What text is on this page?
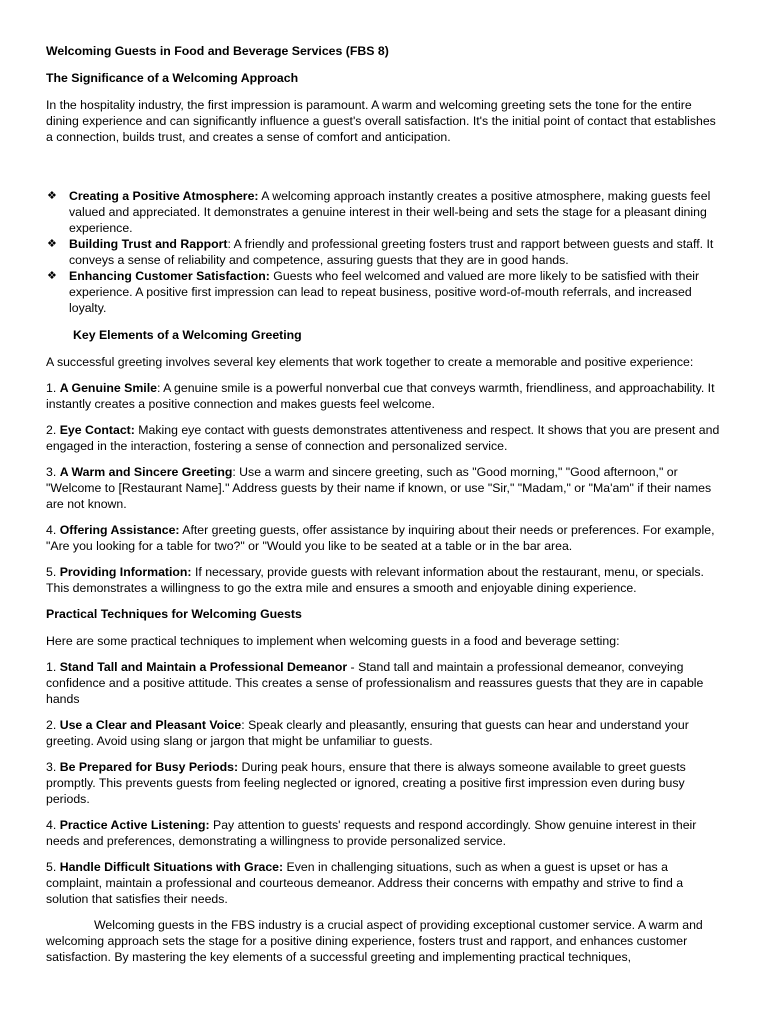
Welcoming Guests in Food and Beverage Services (FBS 8)

The Significance of a Welcoming Approach

In the hospitality industry, the first impression is paramount. A warm and welcoming greeting sets the tone for the entire dining experience and can significantly influence a guest's overall satisfaction. It's the initial point of contact that establishes a connection, builds trust, and creates a sense of comfort and anticipation.

❖ Creating a Positive Atmosphere: A welcoming approach instantly creates a positive atmosphere, making guests feel valued and appreciated. It demonstrates a genuine interest in their well-being and sets the stage for a pleasant dining experience.
❖ Building Trust and Rapport: A friendly and professional greeting fosters trust and rapport between guests and staff. It conveys a sense of reliability and competence, assuring guests that they are in good hands.
❖ Enhancing Customer Satisfaction: Guests who feel welcomed and valued are more likely to be satisfied with their experience. A positive first impression can lead to repeat business, positive word-of-mouth referrals, and increased loyalty.

Key Elements of a Welcoming Greeting

A successful greeting involves several key elements that work together to create a memorable and positive experience:

1. A Genuine Smile: A genuine smile is a powerful nonverbal cue that conveys warmth, friendliness, and approachability. It instantly creates a positive connection and makes guests feel welcome.

2. Eye Contact: Making eye contact with guests demonstrates attentiveness and respect. It shows that you are present and engaged in the interaction, fostering a sense of connection and personalized service.

3. A Warm and Sincere Greeting: Use a warm and sincere greeting, such as "Good morning," "Good afternoon," or "Welcome to [Restaurant Name]." Address guests by their name if known, or use "Sir," "Madam," or "Ma'am" if their names are not known.

4. Offering Assistance: After greeting guests, offer assistance by inquiring about their needs or preferences. For example, "Are you looking for a table for two?" or "Would you like to be seated at a table or in the bar area.

5. Providing Information: If necessary, provide guests with relevant information about the restaurant, menu, or specials. This demonstrates a willingness to go the extra mile and ensures a smooth and enjoyable dining experience.

Practical Techniques for Welcoming Guests

Here are some practical techniques to implement when welcoming guests in a food and beverage setting:

1. Stand Tall and Maintain a Professional Demeanor - Stand tall and maintain a professional demeanor, conveying confidence and a positive attitude. This creates a sense of professionalism and reassures guests that they are in capable hands

2. Use a Clear and Pleasant Voice: Speak clearly and pleasantly, ensuring that guests can hear and understand your greeting. Avoid using slang or jargon that might be unfamiliar to guests.

3. Be Prepared for Busy Periods: During peak hours, ensure that there is always someone available to greet guests promptly. This prevents guests from feeling neglected or ignored, creating a positive first impression even during busy periods.

4. Practice Active Listening: Pay attention to guests' requests and respond accordingly. Show genuine interest in their needs and preferences, demonstrating a willingness to provide personalized service.

5. Handle Difficult Situations with Grace: Even in challenging situations, such as when a guest is upset or has a complaint, maintain a professional and courteous demeanor. Address their concerns with empathy and strive to find a solution that satisfies their needs.

Welcoming guests in the FBS industry is a crucial aspect of providing exceptional customer service. A warm and welcoming approach sets the stage for a positive dining experience, fosters trust and rapport, and enhances customer satisfaction. By mastering the key elements of a successful greeting and implementing practical techniques,
